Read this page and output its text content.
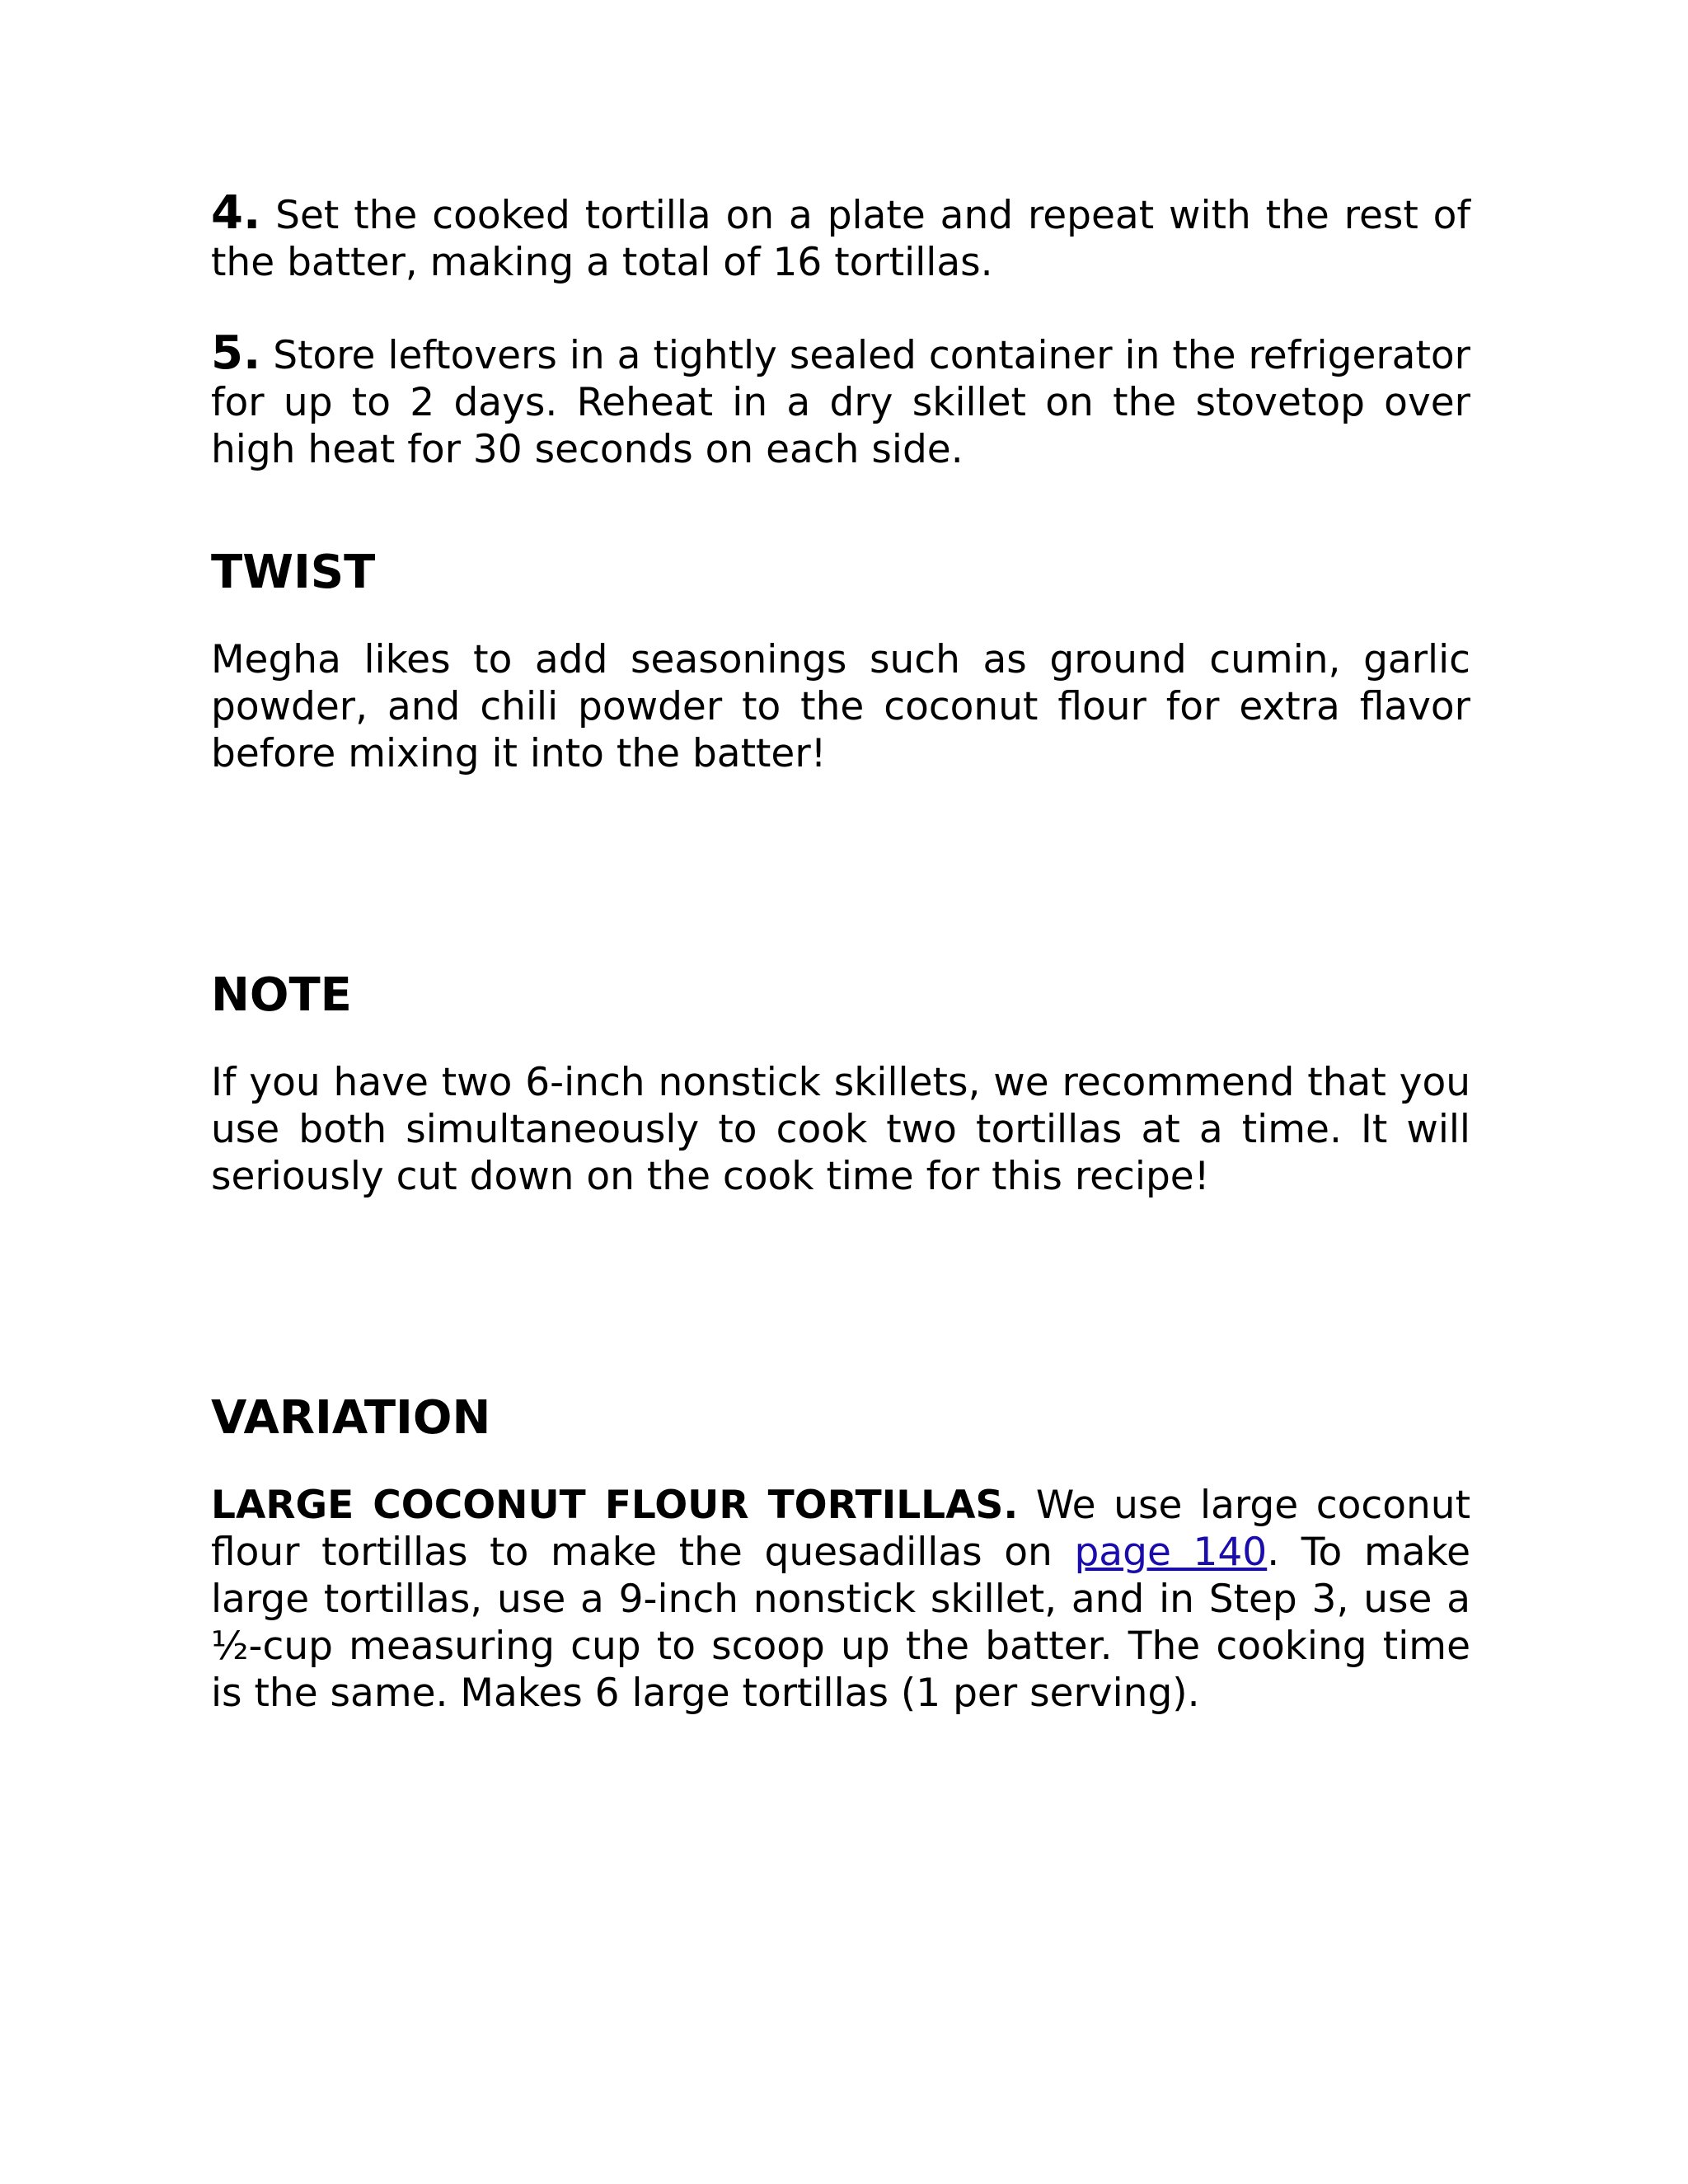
4. Set the cooked tortilla on a plate and repeat with the rest of the batter, making a total of 16 tortillas.

5. Store leftovers in a tightly sealed container in the refrigerator for up to 2 days. Reheat in a dry skillet on the stovetop over high heat for 30 seconds on each side.

TWIST

Megha likes to add seasonings such as ground cumin, garlic powder, and chili powder to the coconut flour for extra flavor before mixing it into the batter!

NOTE

If you have two 6-inch nonstick skillets, we recommend that you use both simultaneously to cook two tortillas at a time. It will seriously cut down on the cook time for this recipe!

VARIATION

LARGE COCONUT FLOUR TORTILLAS. We use large coconut flour tortillas to make the quesadillas on page 140. To make large tortillas, use a 9-inch nonstick skillet, and in Step 3, use a ½-cup measuring cup to scoop up the batter. The cooking time is the same. Makes 6 large tortillas (1 per serving).
